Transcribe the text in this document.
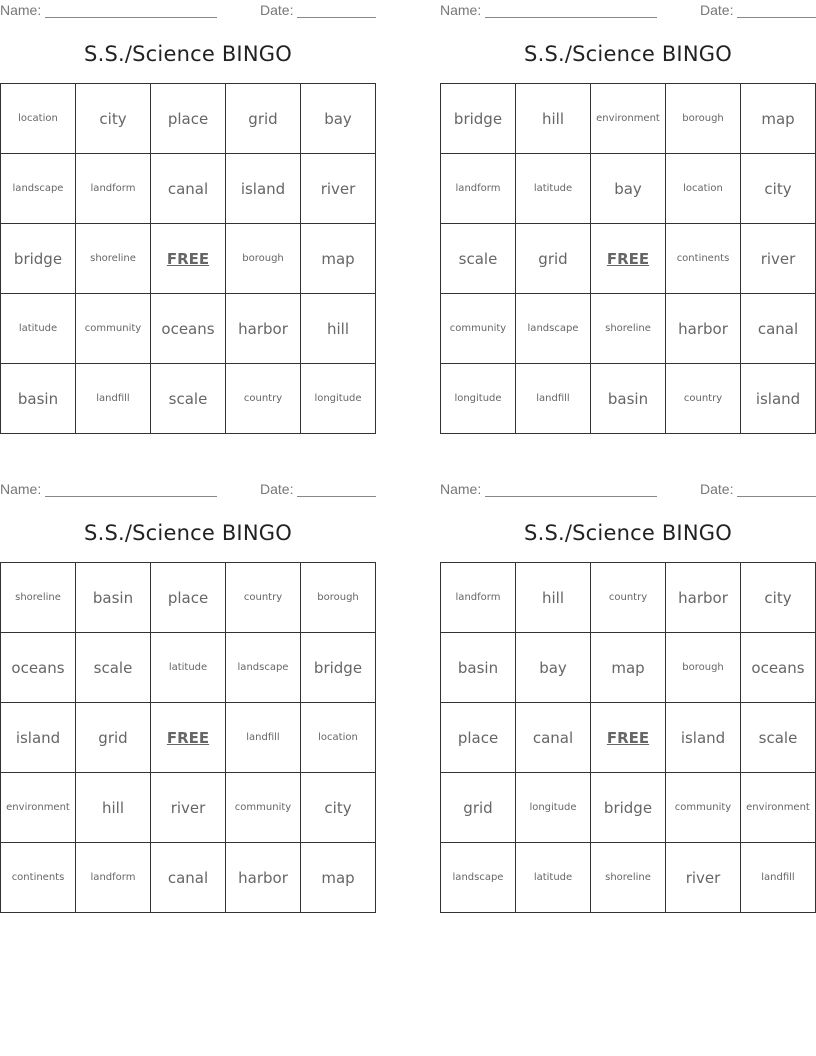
Name:	Date:
S.S./Science BINGO
location	city	place	grid	bay
landscape	landform	canal	island	river
bridge	shoreline	FREE	borough	map
latitude	community	oceans	harbor	hill
basin	landfill	scale	country	longitude
Name:	Date:
S.S./Science BINGO
bridge	hill	environment	borough	map
landform	latitude	bay	location	city
scale	grid	FREE	continents	river
community	landscape	shoreline	harbor	canal
longitude	landfill	basin	country	island
Name:	Date:
S.S./Science BINGO
shoreline	basin	place	country	borough
oceans	scale	latitude	landscape	bridge
island	grid	FREE	landfill	location
environment	hill	river	community	city
continents	landform	canal	harbor	map
Name:	Date:
S.S./Science BINGO
landform	hill	country	harbor	city
basin	bay	map	borough	oceans
place	canal	FREE	island	scale
grid	longitude	bridge	community	environment
landscape	latitude	shoreline	river	landfill
